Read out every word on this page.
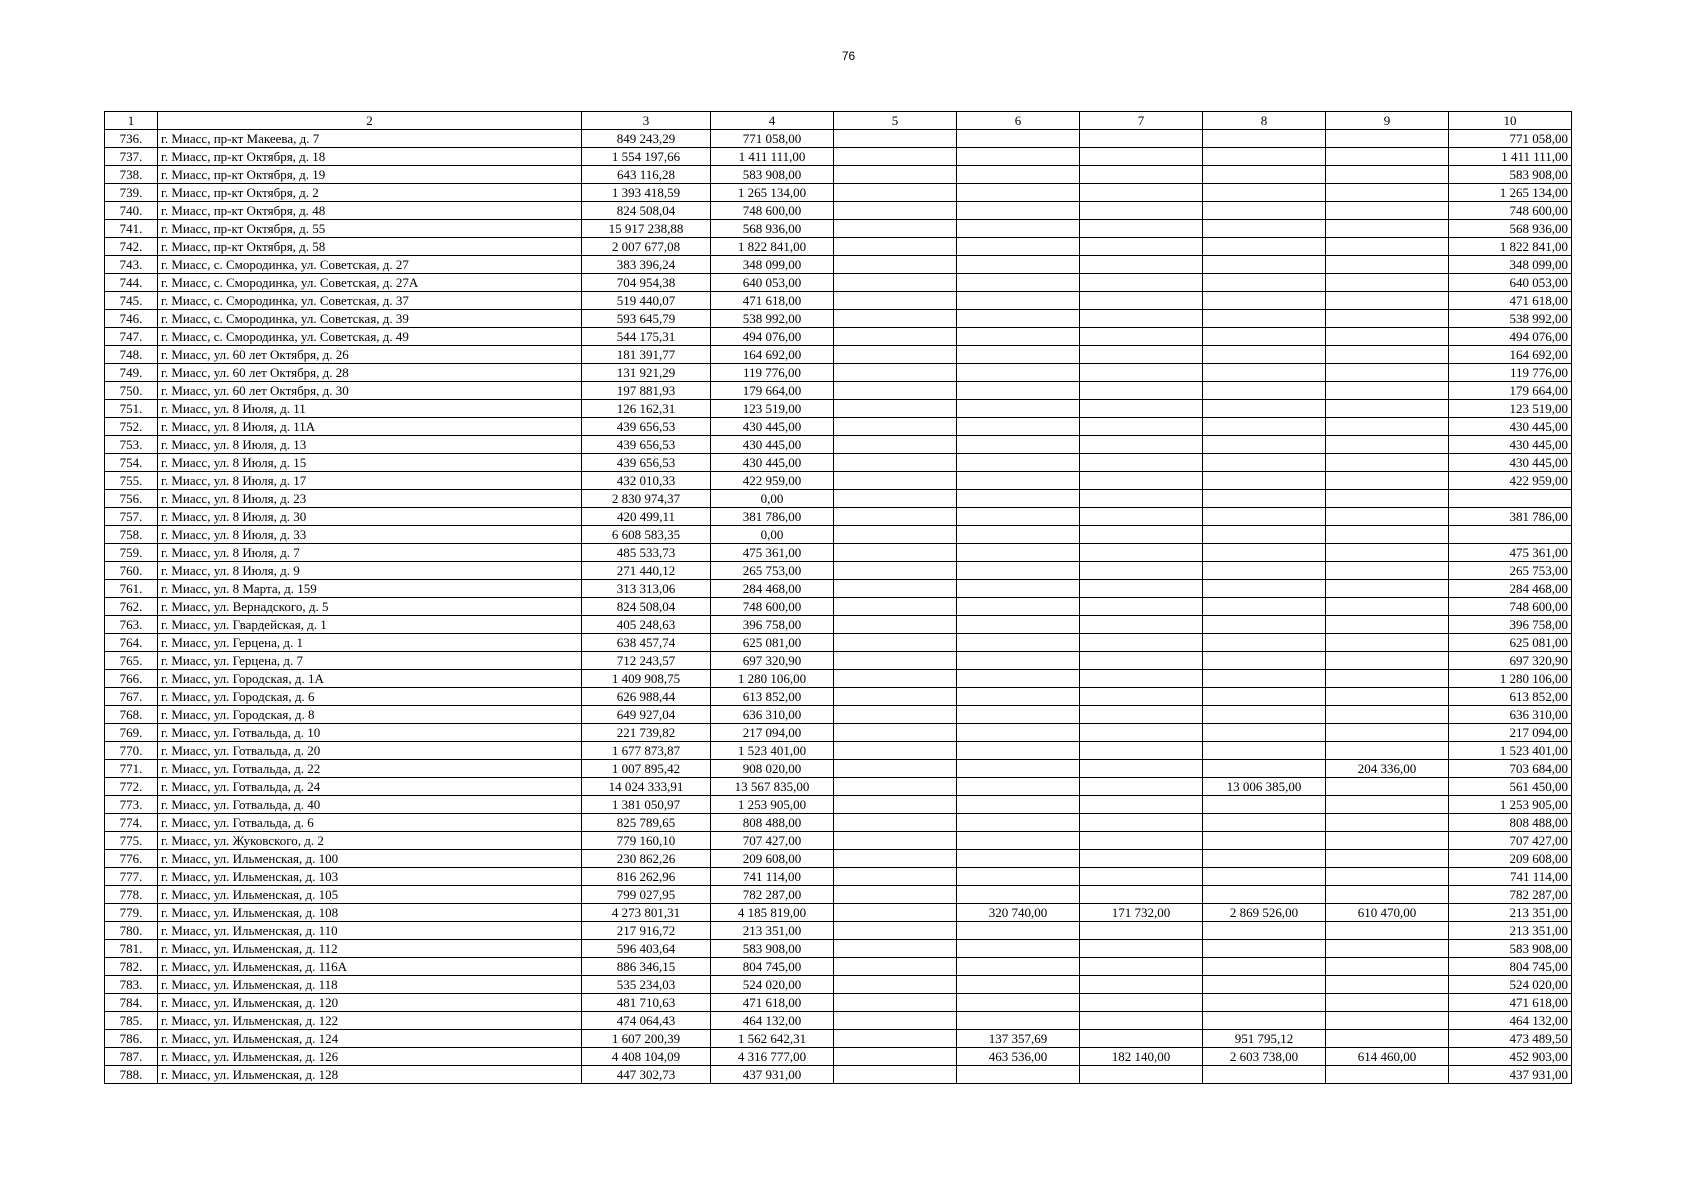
76
1	2	3	4	5	6	7	8	9	10
736.	г. Миасс, пр-кт Макеева, д. 7	849 243,29	771 058,00						771 058,00
737.	г. Миасс, пр-кт Октября, д. 18	1 554 197,66	1 411 111,00						1 411 111,00
738.	г. Миасс, пр-кт Октября, д. 19	643 116,28	583 908,00						583 908,00
739.	г. Миасс, пр-кт Октября, д. 2	1 393 418,59	1 265 134,00						1 265 134,00
740.	г. Миасс, пр-кт Октября, д. 48	824 508,04	748 600,00						748 600,00
741.	г. Миасс, пр-кт Октября, д. 55	15 917 238,88	568 936,00						568 936,00
742.	г. Миасс, пр-кт Октября, д. 58	2 007 677,08	1 822 841,00						1 822 841,00
743.	г. Миасс, с. Смородинка, ул. Советская, д. 27	383 396,24	348 099,00						348 099,00
744.	г. Миасс, с. Смородинка, ул. Советская, д. 27А	704 954,38	640 053,00						640 053,00
745.	г. Миасс, с. Смородинка, ул. Советская, д. 37	519 440,07	471 618,00						471 618,00
746.	г. Миасс, с. Смородинка, ул. Советская, д. 39	593 645,79	538 992,00						538 992,00
747.	г. Миасс, с. Смородинка, ул. Советская, д. 49	544 175,31	494 076,00						494 076,00
748.	г. Миасс, ул. 60 лет Октября, д. 26	181 391,77	164 692,00						164 692,00
749.	г. Миасс, ул. 60 лет Октября, д. 28	131 921,29	119 776,00						119 776,00
750.	г. Миасс, ул. 60 лет Октября, д. 30	197 881,93	179 664,00						179 664,00
751.	г. Миасс, ул. 8 Июля, д. 11	126 162,31	123 519,00						123 519,00
752.	г. Миасс, ул. 8 Июля, д. 11А	439 656,53	430 445,00						430 445,00
753.	г. Миасс, ул. 8 Июля, д. 13	439 656,53	430 445,00						430 445,00
754.	г. Миасс, ул. 8 Июля, д. 15	439 656,53	430 445,00						430 445,00
755.	г. Миасс, ул. 8 Июля, д. 17	432 010,33	422 959,00						422 959,00
756.	г. Миасс, ул. 8 Июля, д. 23	2 830 974,37	0,00						
757.	г. Миасс, ул. 8 Июля, д. 30	420 499,11	381 786,00						381 786,00
758.	г. Миасс, ул. 8 Июля, д. 33	6 608 583,35	0,00						
759.	г. Миасс, ул. 8 Июля, д. 7	485 533,73	475 361,00						475 361,00
760.	г. Миасс, ул. 8 Июля, д. 9	271 440,12	265 753,00						265 753,00
761.	г. Миасс, ул. 8 Марта, д. 159	313 313,06	284 468,00						284 468,00
762.	г. Миасс, ул. Вернадского, д. 5	824 508,04	748 600,00						748 600,00
763.	г. Миасс, ул. Гвардейская, д. 1	405 248,63	396 758,00						396 758,00
764.	г. Миасс, ул. Герцена, д. 1	638 457,74	625 081,00						625 081,00
765.	г. Миасс, ул. Герцена, д. 7	712 243,57	697 320,90						697 320,90
766.	г. Миасс, ул. Городская, д. 1А	1 409 908,75	1 280 106,00						1 280 106,00
767.	г. Миасс, ул. Городская, д. 6	626 988,44	613 852,00						613 852,00
768.	г. Миасс, ул. Городская, д. 8	649 927,04	636 310,00						636 310,00
769.	г. Миасс, ул. Готвальда, д. 10	221 739,82	217 094,00						217 094,00
770.	г. Миасс, ул. Готвальда, д. 20	1 677 873,87	1 523 401,00						1 523 401,00
771.	г. Миасс, ул. Готвальда, д. 22	1 007 895,42	908 020,00					204 336,00	703 684,00
772.	г. Миасс, ул. Готвальда, д. 24	14 024 333,91	13 567 835,00				13 006 385,00		561 450,00
773.	г. Миасс, ул. Готвальда, д. 40	1 381 050,97	1 253 905,00						1 253 905,00
774.	г. Миасс, ул. Готвальда, д. 6	825 789,65	808 488,00						808 488,00
775.	г. Миасс, ул. Жуковского, д. 2	779 160,10	707 427,00						707 427,00
776.	г. Миасс, ул. Ильменская, д. 100	230 862,26	209 608,00						209 608,00
777.	г. Миасс, ул. Ильменская, д. 103	816 262,96	741 114,00						741 114,00
778.	г. Миасс, ул. Ильменская, д. 105	799 027,95	782 287,00						782 287,00
779.	г. Миасс, ул. Ильменская, д. 108	4 273 801,31	4 185 819,00		320 740,00	171 732,00	2 869 526,00	610 470,00	213 351,00
780.	г. Миасс, ул. Ильменская, д. 110	217 916,72	213 351,00						213 351,00
781.	г. Миасс, ул. Ильменская, д. 112	596 403,64	583 908,00						583 908,00
782.	г. Миасс, ул. Ильменская, д. 116А	886 346,15	804 745,00						804 745,00
783.	г. Миасс, ул. Ильменская, д. 118	535 234,03	524 020,00						524 020,00
784.	г. Миасс, ул. Ильменская, д. 120	481 710,63	471 618,00						471 618,00
785.	г. Миасс, ул. Ильменская, д. 122	474 064,43	464 132,00						464 132,00
786.	г. Миасс, ул. Ильменская, д. 124	1 607 200,39	1 562 642,31		137 357,69		951 795,12		473 489,50
787.	г. Миасс, ул. Ильменская, д. 126	4 408 104,09	4 316 777,00		463 536,00	182 140,00	2 603 738,00	614 460,00	452 903,00
788.	г. Миасс, ул. Ильменская, д. 128	447 302,73	437 931,00						437 931,00
